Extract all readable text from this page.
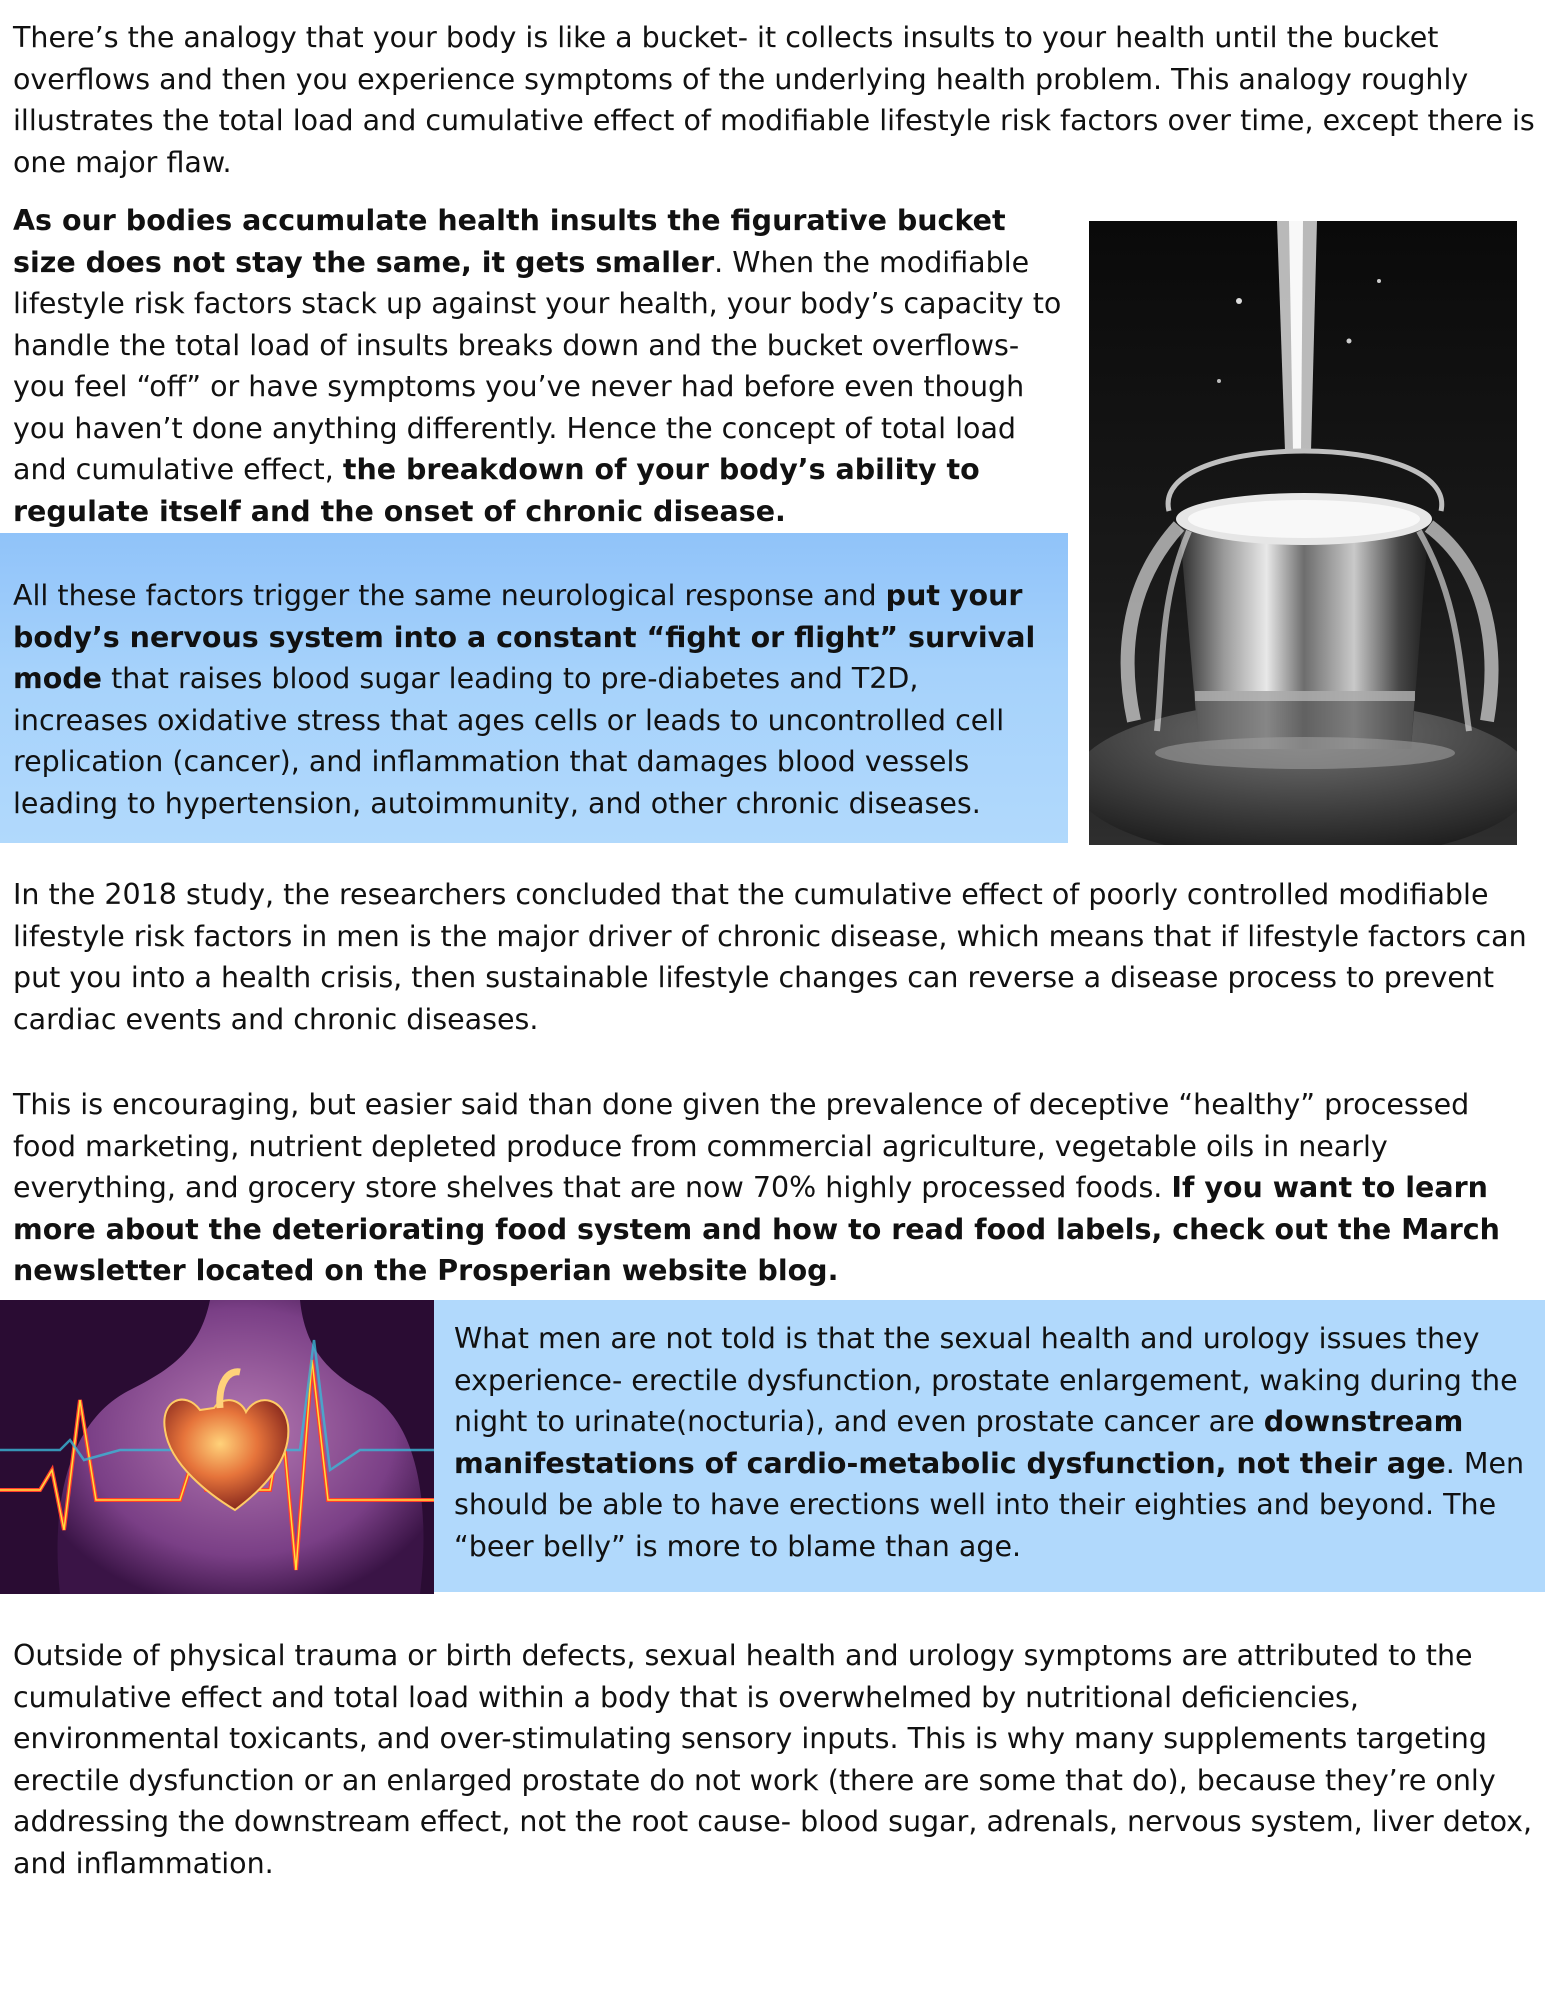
There’s the analogy that your body is like a bucket- it collects insults to your health until the bucket overflows and then you experience symptoms of the underlying health problem. This analogy roughly illustrates the total load and cumulative effect of modifiable lifestyle risk factors over time, except there is one major flaw.

As our bodies accumulate health insults the figurative bucket size does not stay the same, it gets smaller. When the modifiable lifestyle risk factors stack up against your health, your body’s capacity to handle the total load of insults breaks down and the bucket overflows- you feel “off” or have symptoms you’ve never had before even though you haven’t done anything differently. Hence the concept of total load and cumulative effect, the breakdown of your body’s ability to regulate itself and the onset of chronic disease.

All these factors trigger the same neurological response and put your body’s nervous system into a constant “fight or flight” survival mode that raises blood sugar leading to pre-diabetes and T2D, increases oxidative stress that ages cells or leads to uncontrolled cell replication (cancer), and inflammation that damages blood vessels leading to hypertension, autoimmunity, and other chronic diseases.

In the 2018 study, the researchers concluded that the cumulative effect of poorly controlled modifiable lifestyle risk factors in men is the major driver of chronic disease, which means that if lifestyle factors can put you into a health crisis, then sustainable lifestyle changes can reverse a disease process to prevent cardiac events and chronic diseases.

This is encouraging, but easier said than done given the prevalence of deceptive “healthy” processed food marketing, nutrient depleted produce from commercial agriculture, vegetable oils in nearly everything, and grocery store shelves that are now 70% highly processed foods. If you want to learn more about the deteriorating food system and how to read food labels, check out the March newsletter located on the Prosperian website blog.

What men are not told is that the sexual health and urology issues they experience- erectile dysfunction, prostate enlargement, waking during the night to urinate(nocturia), and even prostate cancer are downstream manifestations of cardio-metabolic dysfunction, not their age. Men should be able to have erections well into their eighties and beyond. The “beer belly” is more to blame than age.

Outside of physical trauma or birth defects, sexual health and urology symptoms are attributed to the cumulative effect and total load within a body that is overwhelmed by nutritional deficiencies, environmental toxicants, and over-stimulating sensory inputs. This is why many supplements targeting erectile dysfunction or an enlarged prostate do not work (there are some that do), because they’re only addressing the downstream effect, not the root cause- blood sugar, adrenals, nervous system, liver detox, and inflammation.
